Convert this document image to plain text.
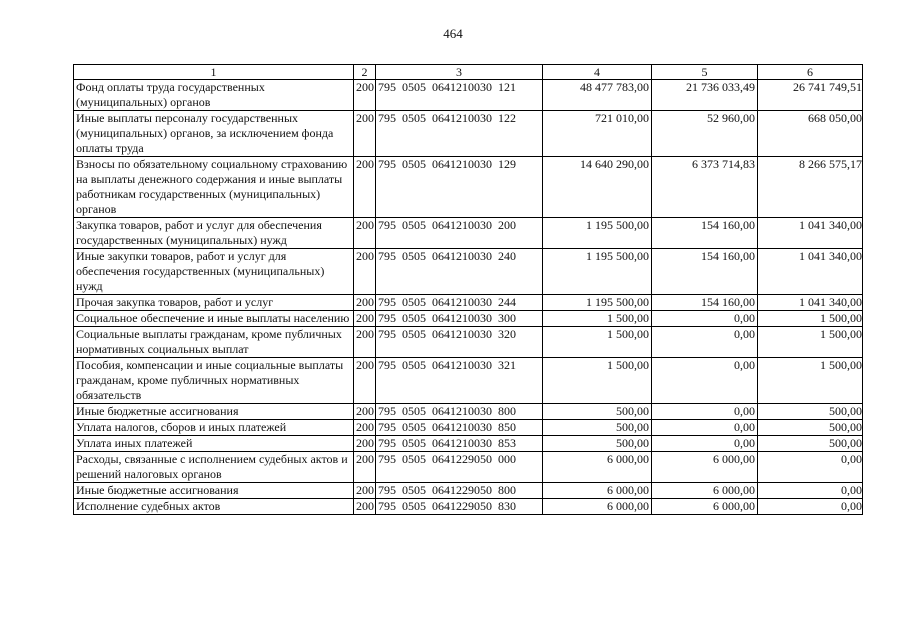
464
1	2	3	4	5	6
Фонд оплаты труда государственных (муниципальных) органов	200	795  0505  0641210030  121	48 477 783,00	21 736 033,49	26 741 749,51
Иные выплаты персоналу государственных (муниципальных) органов, за исключением фонда оплаты труда	200	795  0505  0641210030  122	721 010,00	52 960,00	668 050,00
Взносы по обязательному социальному страхованию на выплаты денежного содержания и иные выплаты работникам государственных (муниципальных) органов	200	795  0505  0641210030  129	14 640 290,00	6 373 714,83	8 266 575,17
Закупка товаров, работ и услуг для обеспечения государственных (муниципальных) нужд	200	795  0505  0641210030  200	1 195 500,00	154 160,00	1 041 340,00
Иные закупки товаров, работ и услуг для обеспечения государственных (муниципальных) нужд	200	795  0505  0641210030  240	1 195 500,00	154 160,00	1 041 340,00
Прочая закупка товаров, работ и услуг	200	795  0505  0641210030  244	1 195 500,00	154 160,00	1 041 340,00
Социальное обеспечение и иные выплаты населению	200	795  0505  0641210030  300	1 500,00	0,00	1 500,00
Социальные выплаты гражданам, кроме публичных нормативных социальных выплат	200	795  0505  0641210030  320	1 500,00	0,00	1 500,00
Пособия, компенсации и иные социальные выплаты гражданам, кроме публичных нормативных обязательств	200	795  0505  0641210030  321	1 500,00	0,00	1 500,00
Иные бюджетные ассигнования	200	795  0505  0641210030  800	500,00	0,00	500,00
Уплата налогов, сборов и иных платежей	200	795  0505  0641210030  850	500,00	0,00	500,00
Уплата иных платежей	200	795  0505  0641210030  853	500,00	0,00	500,00
Расходы, связанные с исполнением судебных актов и решений налоговых органов	200	795  0505  0641229050  000	6 000,00	6 000,00	0,00
Иные бюджетные ассигнования	200	795  0505  0641229050  800	6 000,00	6 000,00	0,00
Исполнение судебных актов	200	795  0505  0641229050  830	6 000,00	6 000,00	0,00
